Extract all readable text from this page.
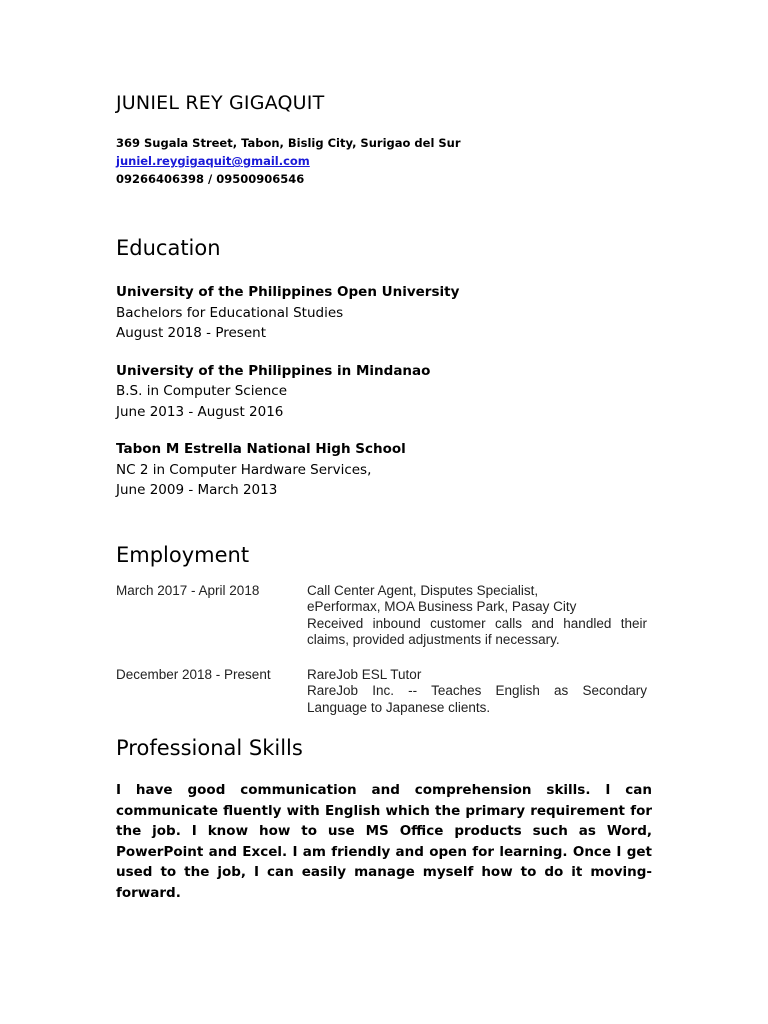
JUNIEL REY GIGAQUIT
369 Sugala Street, Tabon, Bislig City, Surigao del Sur
juniel.reygigaquit@gmail.com
09266406398 / 09500906546
Education
University of the Philippines Open University
Bachelors for Educational Studies
August 2018 - Present
University of the Philippines in Mindanao
B.S. in Computer Science
June 2013 - August 2016
Tabon M Estrella National High School
NC 2 in Computer Hardware Services,
June 2009 - March 2013
Employment
March 2017 - April 2018	Call Center Agent, Disputes Specialist,
ePerformax, MOA Business Park, Pasay City
Received inbound customer calls and handled their claims, provided adjustments if necessary.
December 2018 - Present	RareJob ESL Tutor
RareJob Inc. -- Teaches English as Secondary Language to Japanese clients.
Professional Skills
I have good communication and comprehension skills. I can communicate fluently with English which the primary requirement for the job. I know how to use MS Office products such as Word, PowerPoint and Excel. I am friendly and open for learning. Once I get used to the job, I can easily manage myself how to do it moving-forward.
